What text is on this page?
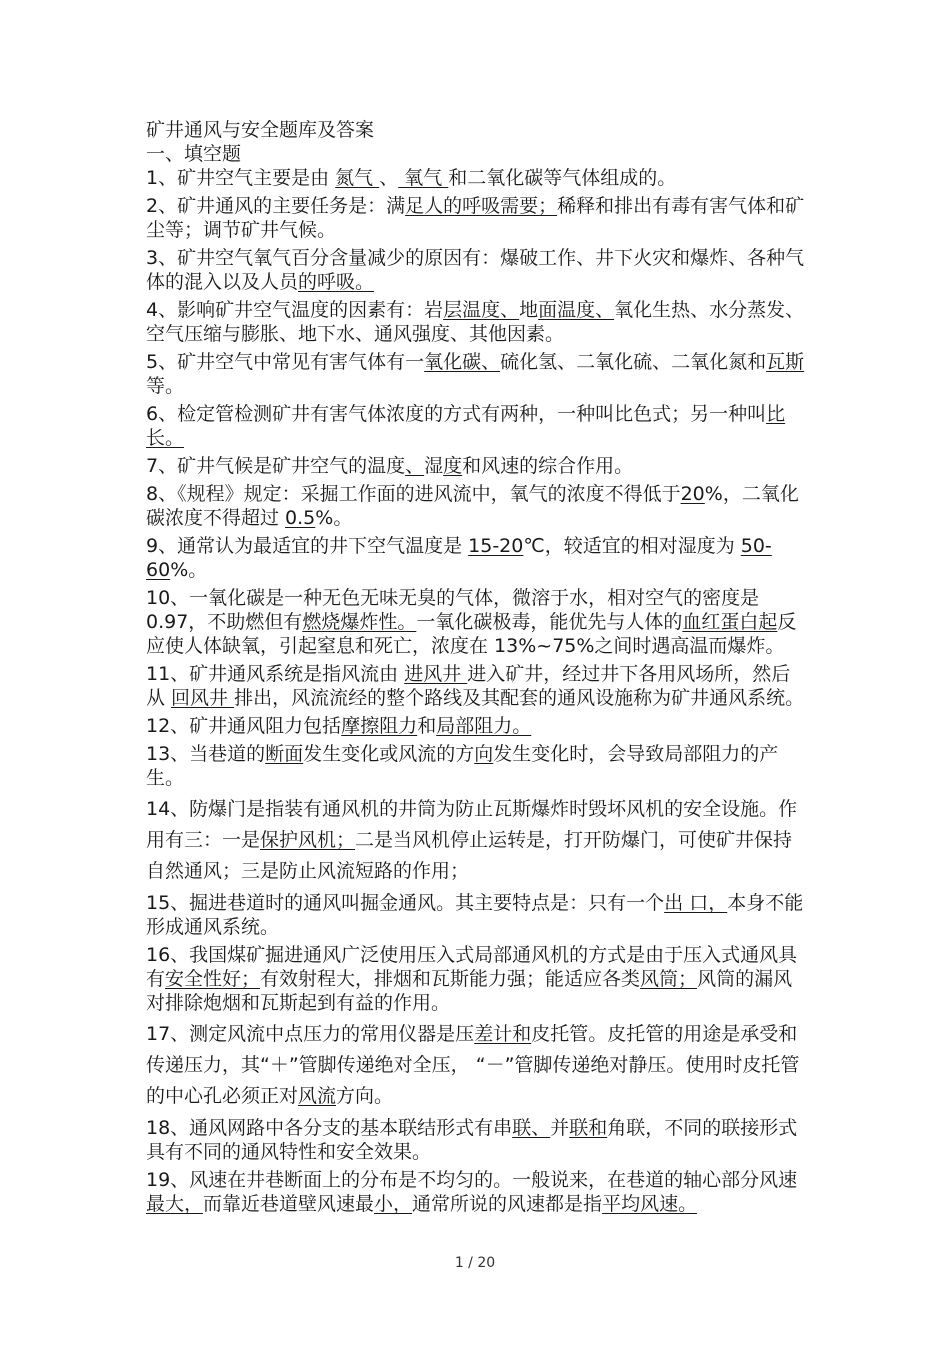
矿井通风与安全题库及答案

一、填空题

1、矿井空气主要是由 氮气 、 氧气 和二氧化碳等气体组成的。

2、矿井通风的主要任务是：满足人的呼吸需要；稀释和排出有毒有害气体和矿尘等；调节矿井气候。

3、矿井空气氧气百分含量减少的原因有：爆破工作、井下火灾和爆炸、各种气体的混入以及人员的呼吸。

4、影响矿井空气温度的因素有：岩层温度、地面温度、氧化生热、水分蒸发、空气压缩与膨胀、地下水、通风强度、其他因素。

5、矿井空气中常见有害气体有一氧化碳、硫化氢、二氧化硫、二氧化氮和瓦斯等。

6、检定管检测矿井有害气体浓度的方式有两种，一种叫比色式；另一种叫比长。

7、矿井气候是矿井空气的温度、湿度和风速的综合作用。

8、《规程》规定：采掘工作面的进风流中，氧气的浓度不得低于20%，二氧化碳浓度不得超过 0.5%。

9、通常认为最适宜的井下空气温度是 15-20℃，较适宜的相对湿度为 50-60%。

10、一氧化碳是一种无色无味无臭的气体，微溶于水，相对空气的密度是 0.97，不助燃但有燃烧爆炸性。一氧化碳极毒，能优先与人体的血红蛋白起反应使人体缺氧，引起窒息和死亡，浓度在 13%~75%之间时遇高温而爆炸。

11、矿井通风系统是指风流由 进风井 进入矿井，经过井下各用风场所，然后从 回风井 排出，风流流经的整个路线及其配套的通风设施称为矿井通风系统。

12、矿井通风阻力包括摩擦阻力和局部阻力。

13、当巷道的断面发生变化或风流的方向发生变化时，会导致局部阻力的产生。

14、防爆门是指装有通风机的井筒为防止瓦斯爆炸时毁坏风机的安全设施。作用有三：一是保护风机；二是当风机停止运转是，打开防爆门，可使矿井保持自然通风；三是防止风流短路的作用；

15、掘进巷道时的通风叫掘金通风。其主要特点是：只有一个出 口，本身不能形成通风系统。

16、我国煤矿掘进通风广泛使用压入式局部通风机的方式是由于压入式通风具有安全性好；有效射程大，排烟和瓦斯能力强；能适应各类风筒；风筒的漏风对排除炮烟和瓦斯起到有益的作用。

17、测定风流中点压力的常用仪器是压差计和皮托管。皮托管的用途是承受和传递压力，其“＋”管脚传递绝对全压， “－”管脚传递绝对静压。使用时皮托管的中心孔必须正对风流方向。

18、通风网路中各分支的基本联结形式有串联、并联和角联，不同的联接形式具有不同的通风特性和安全效果。

19、风速在井巷断面上的分布是不均匀的。一般说来，在巷道的轴心部分风速最大，而靠近巷道壁风速最小，通常所说的风速都是指平均风速。

1 / 20
